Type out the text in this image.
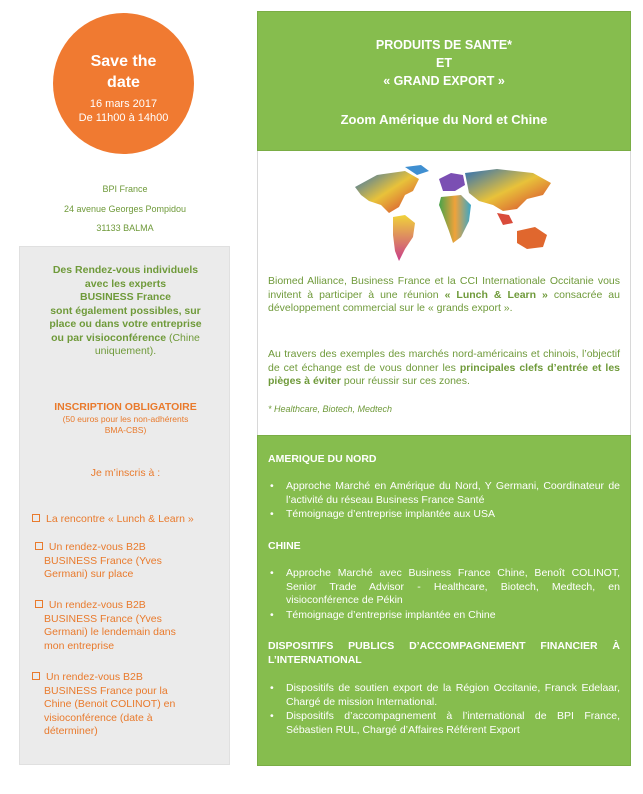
Save the
date
16 mars 2017
De 11h00 à 14h00
BPI France
24 avenue Georges Pompidou
31133 BALMA
Des Rendez-vous individuels
avec les experts
BUSINESS France
sont également possibles, sur
place ou dans votre entreprise
ou par visioconférence (Chine
uniquement).
INSCRIPTION OBLIGATOIRE
(50 euros pour les non-adhérents
BMA-CBS)
Je m’inscris à :
La rencontre « Lunch & Learn »
Un rendez-vous B2B
BUSINESS France (Yves
Germani) sur place
Un rendez-vous B2B
BUSINESS France (Yves
Germani) le lendemain dans
mon entreprise
Un rendez-vous B2B
BUSINESS France pour la
Chine (Benoit COLINOT) en
visioconférence (date à
déterminer)
PRODUITS DE SANTE*
ET
« GRAND EXPORT »
Zoom Amérique du Nord et Chine
Biomed Alliance, Business France et la CCI Internationale Occitanie vous invitent à participer à une réunion « Lunch & Learn » consacrée au développement commercial sur le « grands export ».
Au travers des exemples des marchés nord-américains et chinois, l’objectif de cet échange est de vous donner les principales clefs d’entrée et les pièges à éviter pour réussir sur ces zones.
* Healthcare, Biotech, Medtech
AMERIQUE DU NORD
• Approche Marché en Amérique du Nord, Y Germani, Coordinateur de l’activité du réseau Business France Santé
• Témoignage d’entreprise implantée aux USA
CHINE
• Approche Marché avec Business France Chine, Benoît COLINOT, Senior Trade Advisor - Healthcare, Biotech, Medtech, en visioconférence de Pékin
• Témoignage d’entreprise implantée en Chine
DISPOSITIFS PUBLICS D’ACCOMPAGNEMENT FINANCIER À L’INTERNATIONAL
• Dispositifs de soutien export de la Région Occitanie, Franck Edelaar, Chargé de mission International.
• Dispositifs d’accompagnement à l’international de BPI France, Sébastien RUL, Chargé d’Affaires Référent Export
